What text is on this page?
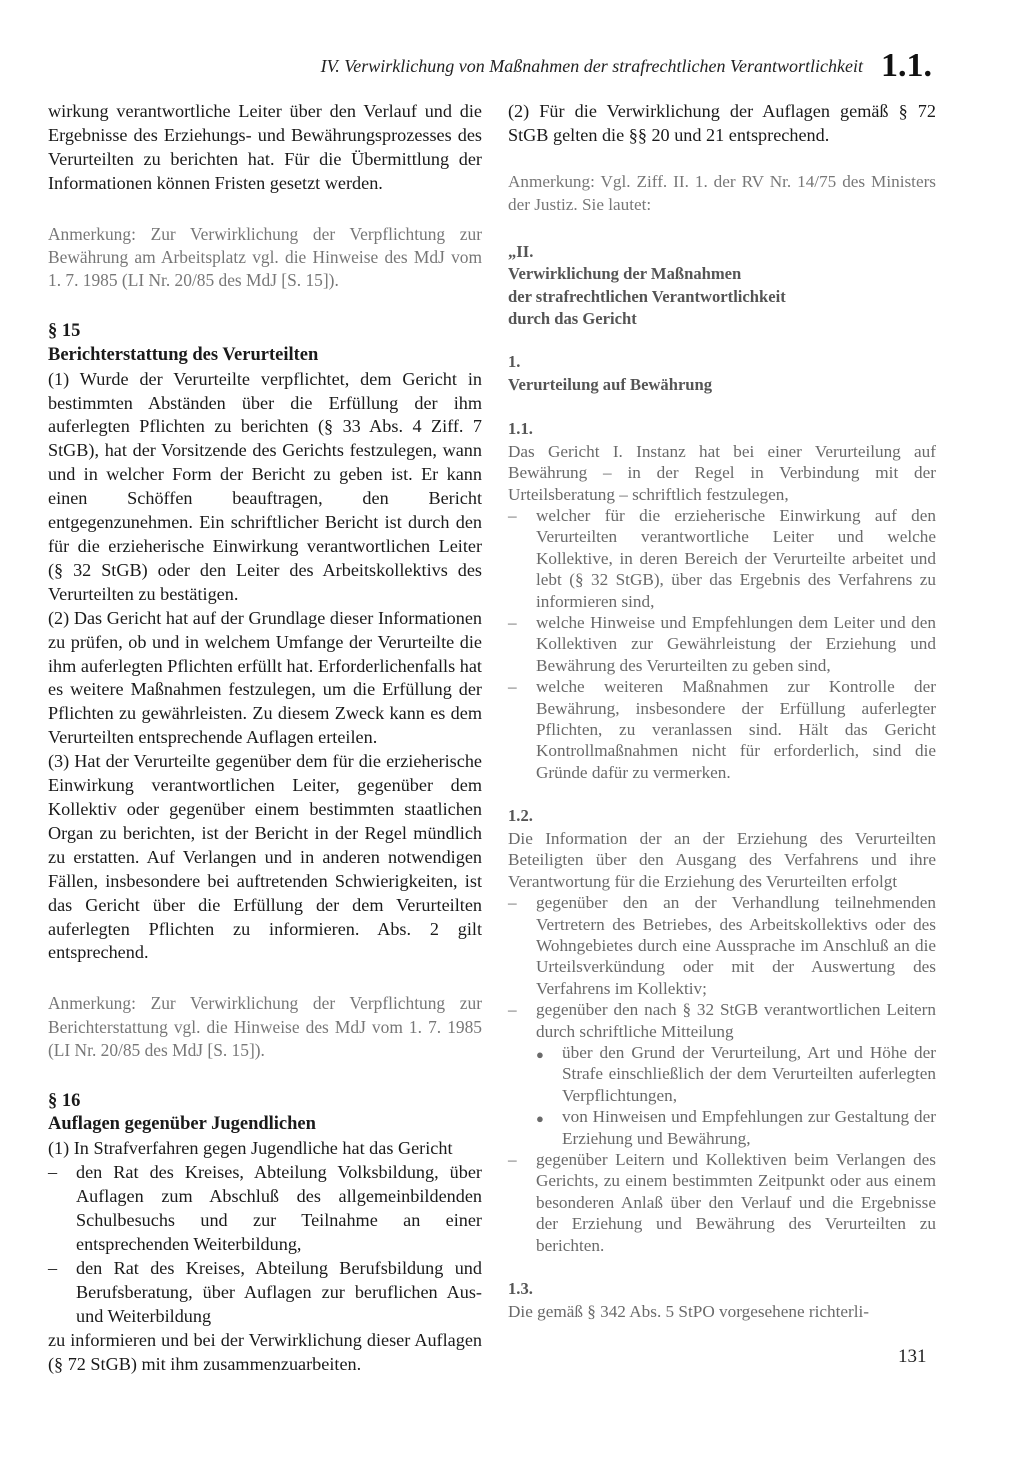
IV. Verwirklichung von Maßnahmen der strafrechtlichen Verantwortlichkeit 1.1.

wirkung verantwortliche Leiter über den Verlauf und die Ergebnisse des Erziehungs- und Bewährungsprozesses des Verurteilten zu berichten hat. Für die Übermittlung der Informationen können Fristen gesetzt werden.

Anmerkung: Zur Verwirklichung der Verpflichtung zur Bewährung am Arbeitsplatz vgl. die Hinweise des MdJ vom 1. 7. 1985 (LI Nr. 20/85 des MdJ [S. 15]).

§ 15

Berichterstattung des Verurteilten

(1) Wurde der Verurteilte verpflichtet, dem Gericht in bestimmten Abständen über die Erfüllung der ihm auferlegten Pflichten zu berichten (§ 33 Abs. 4 Ziff. 7 StGB), hat der Vorsitzende des Gerichts festzulegen, wann und in welcher Form der Bericht zu geben ist. Er kann einen Schöffen beauftragen, den Bericht entgegenzunehmen. Ein schriftlicher Bericht ist durch den für die erzieherische Einwirkung verantwortlichen Leiter (§ 32 StGB) oder den Leiter des Arbeitskollektivs des Verurteilten zu bestätigen.

(2) Das Gericht hat auf der Grundlage dieser Informationen zu prüfen, ob und in welchem Umfange der Verurteilte die ihm auferlegten Pflichten erfüllt hat. Erforderlichenfalls hat es weitere Maßnahmen festzulegen, um die Erfüllung der Pflichten zu gewährleisten. Zu diesem Zweck kann es dem Verurteilten entsprechende Auflagen erteilen.

(3) Hat der Verurteilte gegenüber dem für die erzieherische Einwirkung verantwortlichen Leiter, gegenüber dem Kollektiv oder gegenüber einem bestimmten staatlichen Organ zu berichten, ist der Bericht in der Regel mündlich zu erstatten. Auf Verlangen und in anderen notwendigen Fällen, insbesondere bei auftretenden Schwierigkeiten, ist das Gericht über die Erfüllung der dem Verurteilten auferlegten Pflichten zu informieren. Abs. 2 gilt entsprechend.

Anmerkung: Zur Verwirklichung der Verpflichtung zur Berichterstattung vgl. die Hinweise des MdJ vom 1. 7. 1985 (LI Nr. 20/85 des MdJ [S. 15]).

§ 16

Auflagen gegenüber Jugendlichen

(1) In Strafverfahren gegen Jugendliche hat das Gericht

–	den Rat des Kreises, Abteilung Volksbildung, über Auflagen zum Abschluß des allgemeinbildenden Schulbesuchs und zur Teilnahme an einer entsprechenden Weiterbildung,
–	den Rat des Kreises, Abteilung Berufsbildung und Berufsberatung, über Auflagen zur beruflichen Aus- und Weiterbildung

zu informieren und bei der Verwirklichung dieser Auflagen (§ 72 StGB) mit ihm zusammenzuarbeiten.

(2) Für die Verwirklichung der Auflagen gemäß § 72 StGB gelten die §§ 20 und 21 entsprechend.

Anmerkung: Vgl. Ziff. II. 1. der RV Nr. 14/75 des Ministers der Justiz. Sie lautet:

„II.

Verwirklichung der Maßnahmen

der strafrechtlichen Verantwortlichkeit

durch das Gericht

1.

Verurteilung auf Bewährung

1.1.

Das Gericht I. Instanz hat bei einer Verurteilung auf Bewährung – in der Regel in Verbindung mit der Urteilsberatung – schriftlich festzulegen,

–	welcher für die erzieherische Einwirkung auf den Verurteilten verantwortliche Leiter und welche Kollektive, in deren Bereich der Verurteilte arbeitet und lebt (§ 32 StGB), über das Ergebnis des Verfahrens zu informieren sind,
–	welche Hinweise und Empfehlungen dem Leiter und den Kollektiven zur Gewährleistung der Erziehung und Bewährung des Verurteilten zu geben sind,
–	welche weiteren Maßnahmen zur Kontrolle der Bewährung, insbesondere der Erfüllung auferlegter Pflichten, zu veranlassen sind. Hält das Gericht Kontrollmaßnahmen nicht für erforderlich, sind die Gründe dafür zu vermerken.

1.2.

Die Information der an der Erziehung des Verurteilten Beteiligten über den Ausgang des Verfahrens und ihre Verantwortung für die Erziehung des Verurteilten erfolgt

–	gegenüber den an der Verhandlung teilnehmenden Vertretern des Betriebes, des Arbeitskollektivs oder des Wohngebietes durch eine Aussprache im Anschluß an die Urteilsverkündung oder mit der Auswertung des Verfahrens im Kollektiv;
–	gegenüber den nach § 32 StGB verantwortlichen Leitern durch schriftliche Mitteilung
●	über den Grund der Verurteilung, Art und Höhe der Strafe einschließlich der dem Verurteilten auferlegten Verpflichtungen,
●	von Hinweisen und Empfehlungen zur Gestaltung der Erziehung und Bewährung,
–	gegenüber Leitern und Kollektiven beim Verlangen des Gerichts, zu einem bestimmten Zeitpunkt oder aus einem besonderen Anlaß über den Verlauf und die Ergebnisse der Erziehung und Bewährung des Verurteilten zu berichten.

1.3.

Die gemäß § 342 Abs. 5 StPO vorgesehene richterli-

131
